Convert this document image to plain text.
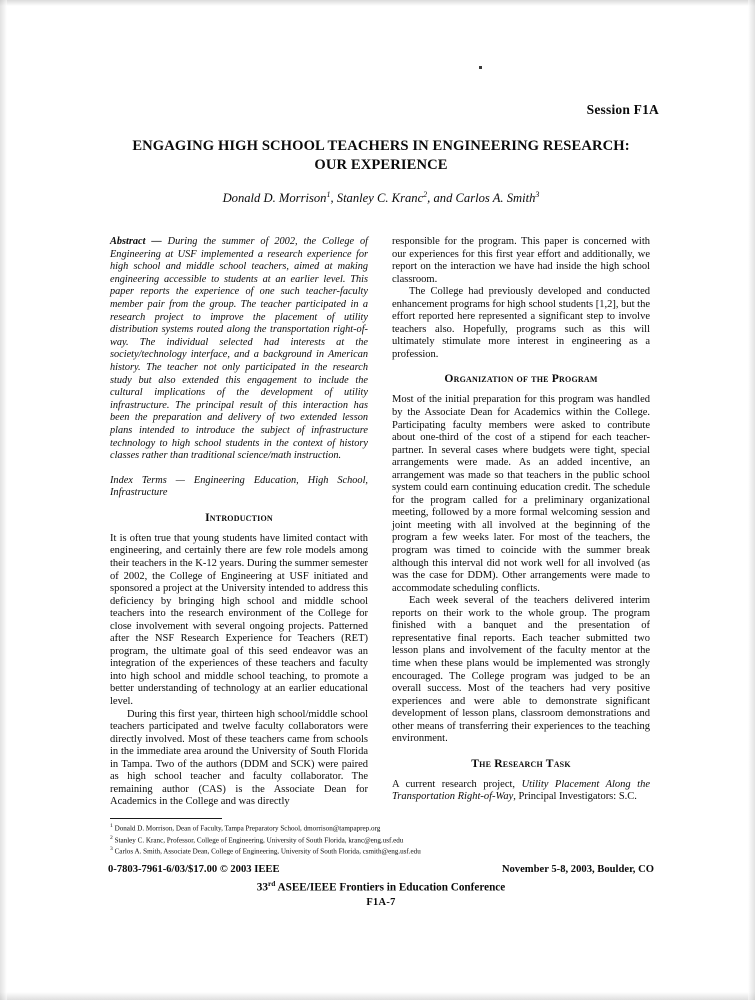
Session F1A
ENGAGING HIGH SCHOOL TEACHERS IN ENGINEERING RESEARCH:
OUR EXPERIENCE
Donald D. Morrison$^1$, Stanley C. Kranc$^2$, and Carlos A. Smith$^3$

Abstract — During the summer of 2002, the College of Engineering at USF implemented a research experience for high school and middle school teachers, aimed at making engineering accessible to students at an earlier level. This paper reports the experience of one such teacher-faculty member pair from the group. The teacher participated in a research project to improve the placement of utility distribution systems routed along the transportation right-of-way. The individual selected had interests at the society/technology interface, and a background in American history. The teacher not only participated in the research study but also extended this engagement to include the cultural implications of the development of utility infrastructure. The principal result of this interaction has been the preparation and delivery of two extended lesson plans intended to introduce the subject of infrastructure technology to high school students in the context of history classes rather than traditional science/math instruction.

Index Terms — Engineering Education, High School, Infrastructure

Introduction

It is often true that young students have limited contact with engineering, and certainly there are few role models among their teachers in the K-12 years. During the summer semester of 2002, the College of Engineering at USF initiated and sponsored a project at the University intended to address this deficiency by bringing high school and middle school teachers into the research environment of the College for close involvement with several ongoing projects. Patterned after the NSF Research Experience for Teachers (RET) program, the ultimate goal of this seed endeavor was an integration of the experiences of these teachers and faculty into high school and middle school teaching, to promote a better understanding of technology at an earlier educational level.

During this first year, thirteen high school/middle school teachers participated and twelve faculty collaborators were directly involved. Most of these teachers came from schools in the immediate area around the University of South Florida in Tampa. Two of the authors (DDM and SCK) were paired as high school teacher and faculty collaborator. The remaining author (CAS) is the Associate Dean for Academics in the College and was directly

responsible for the program. This paper is concerned with our experiences for this first year effort and additionally, we report on the interaction we have had inside the high school classroom.

The College had previously developed and conducted enhancement programs for high school students [1,2], but the effort reported here represented a significant step to involve teachers also. Hopefully, programs such as this will ultimately stimulate more interest in engineering as a profession.

Organization of the Program

Most of the initial preparation for this program was handled by the Associate Dean for Academics within the College. Participating faculty members were asked to contribute about one-third of the cost of a stipend for each teacher-partner. In several cases where budgets were tight, special arrangements were made. As an added incentive, an arrangement was made so that teachers in the public school system could earn continuing education credit. The schedule for the program called for a preliminary organizational meeting, followed by a more formal welcoming session and joint meeting with all involved at the beginning of the program a few weeks later. For most of the teachers, the program was timed to coincide with the summer break although this interval did not work well for all involved (as was the case for DDM). Other arrangements were made to accommodate scheduling conflicts.

Each week several of the teachers delivered interim reports on their work to the whole group. The program finished with a banquet and the presentation of representative final reports. Each teacher submitted two lesson plans and involvement of the faculty mentor at the time when these plans would be implemented was strongly encouraged. The College program was judged to be an overall success. Most of the teachers had very positive experiences and were able to demonstrate significant development of lesson plans, classroom demonstrations and other means of transferring their experiences to the teaching environment.

The Research Task

A current research project, Utility Placement Along the Transportation Right-of-Way, Principal Investigators: S.C.

$^1$ Donald D. Morrison, Dean of Faculty, Tampa Preparatory School, dmorrison@tampaprep.org
$^2$ Stanley C. Kranc, Professor, College of Engineering, University of South Florida, kranc@eng.usf.edu
$^3$ Carlos A. Smith, Associate Dean, College of Engineering, University of South Florida, csmith@eng.usf.edu
0-7803-7961-6/03/$17.00 © 2003 IEEE	November 5-8, 2003, Boulder, CO
33rd ASEE/IEEE Frontiers in Education Conference
F1A-7
